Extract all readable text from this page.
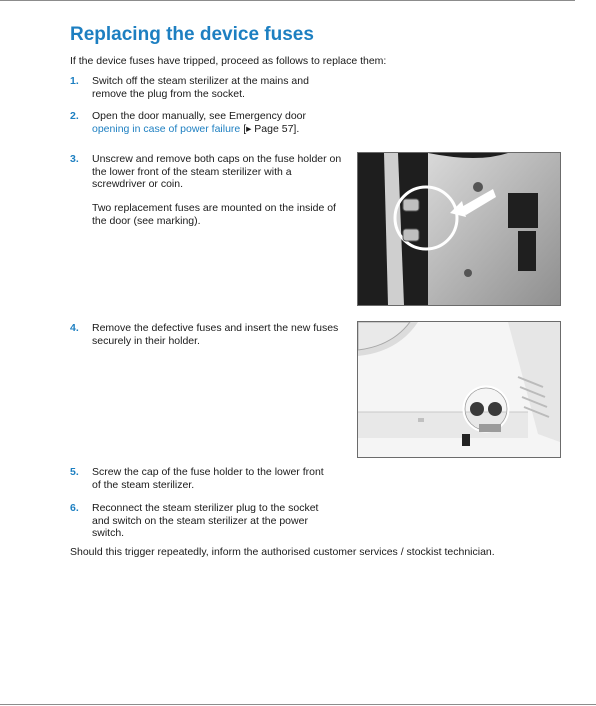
Replacing the device fuses

If the device fuses have tripped, proceed as follows to replace them:

1. Switch off the steam sterilizer at the mains and
remove the plug from the socket.
2. Open the door manually, see Emergency door
opening in case of power failure [▸ Page 57].
3. Unscrew and remove both caps on the fuse holder on
the lower front of the steam sterilizer with a
screwdriver or coin.
Two replacement fuses are mounted on the inside of
the door (see marking).
4. Remove the defective fuses and insert the new fuses
securely in their holder.
5. Screw the cap of the fuse holder to the lower front
of the steam sterilizer.
6. Reconnect the steam sterilizer plug to the socket
and switch on the steam sterilizer at the power
switch.

Should this trigger repeatedly, inform the authorised customer services / stockist technician.
